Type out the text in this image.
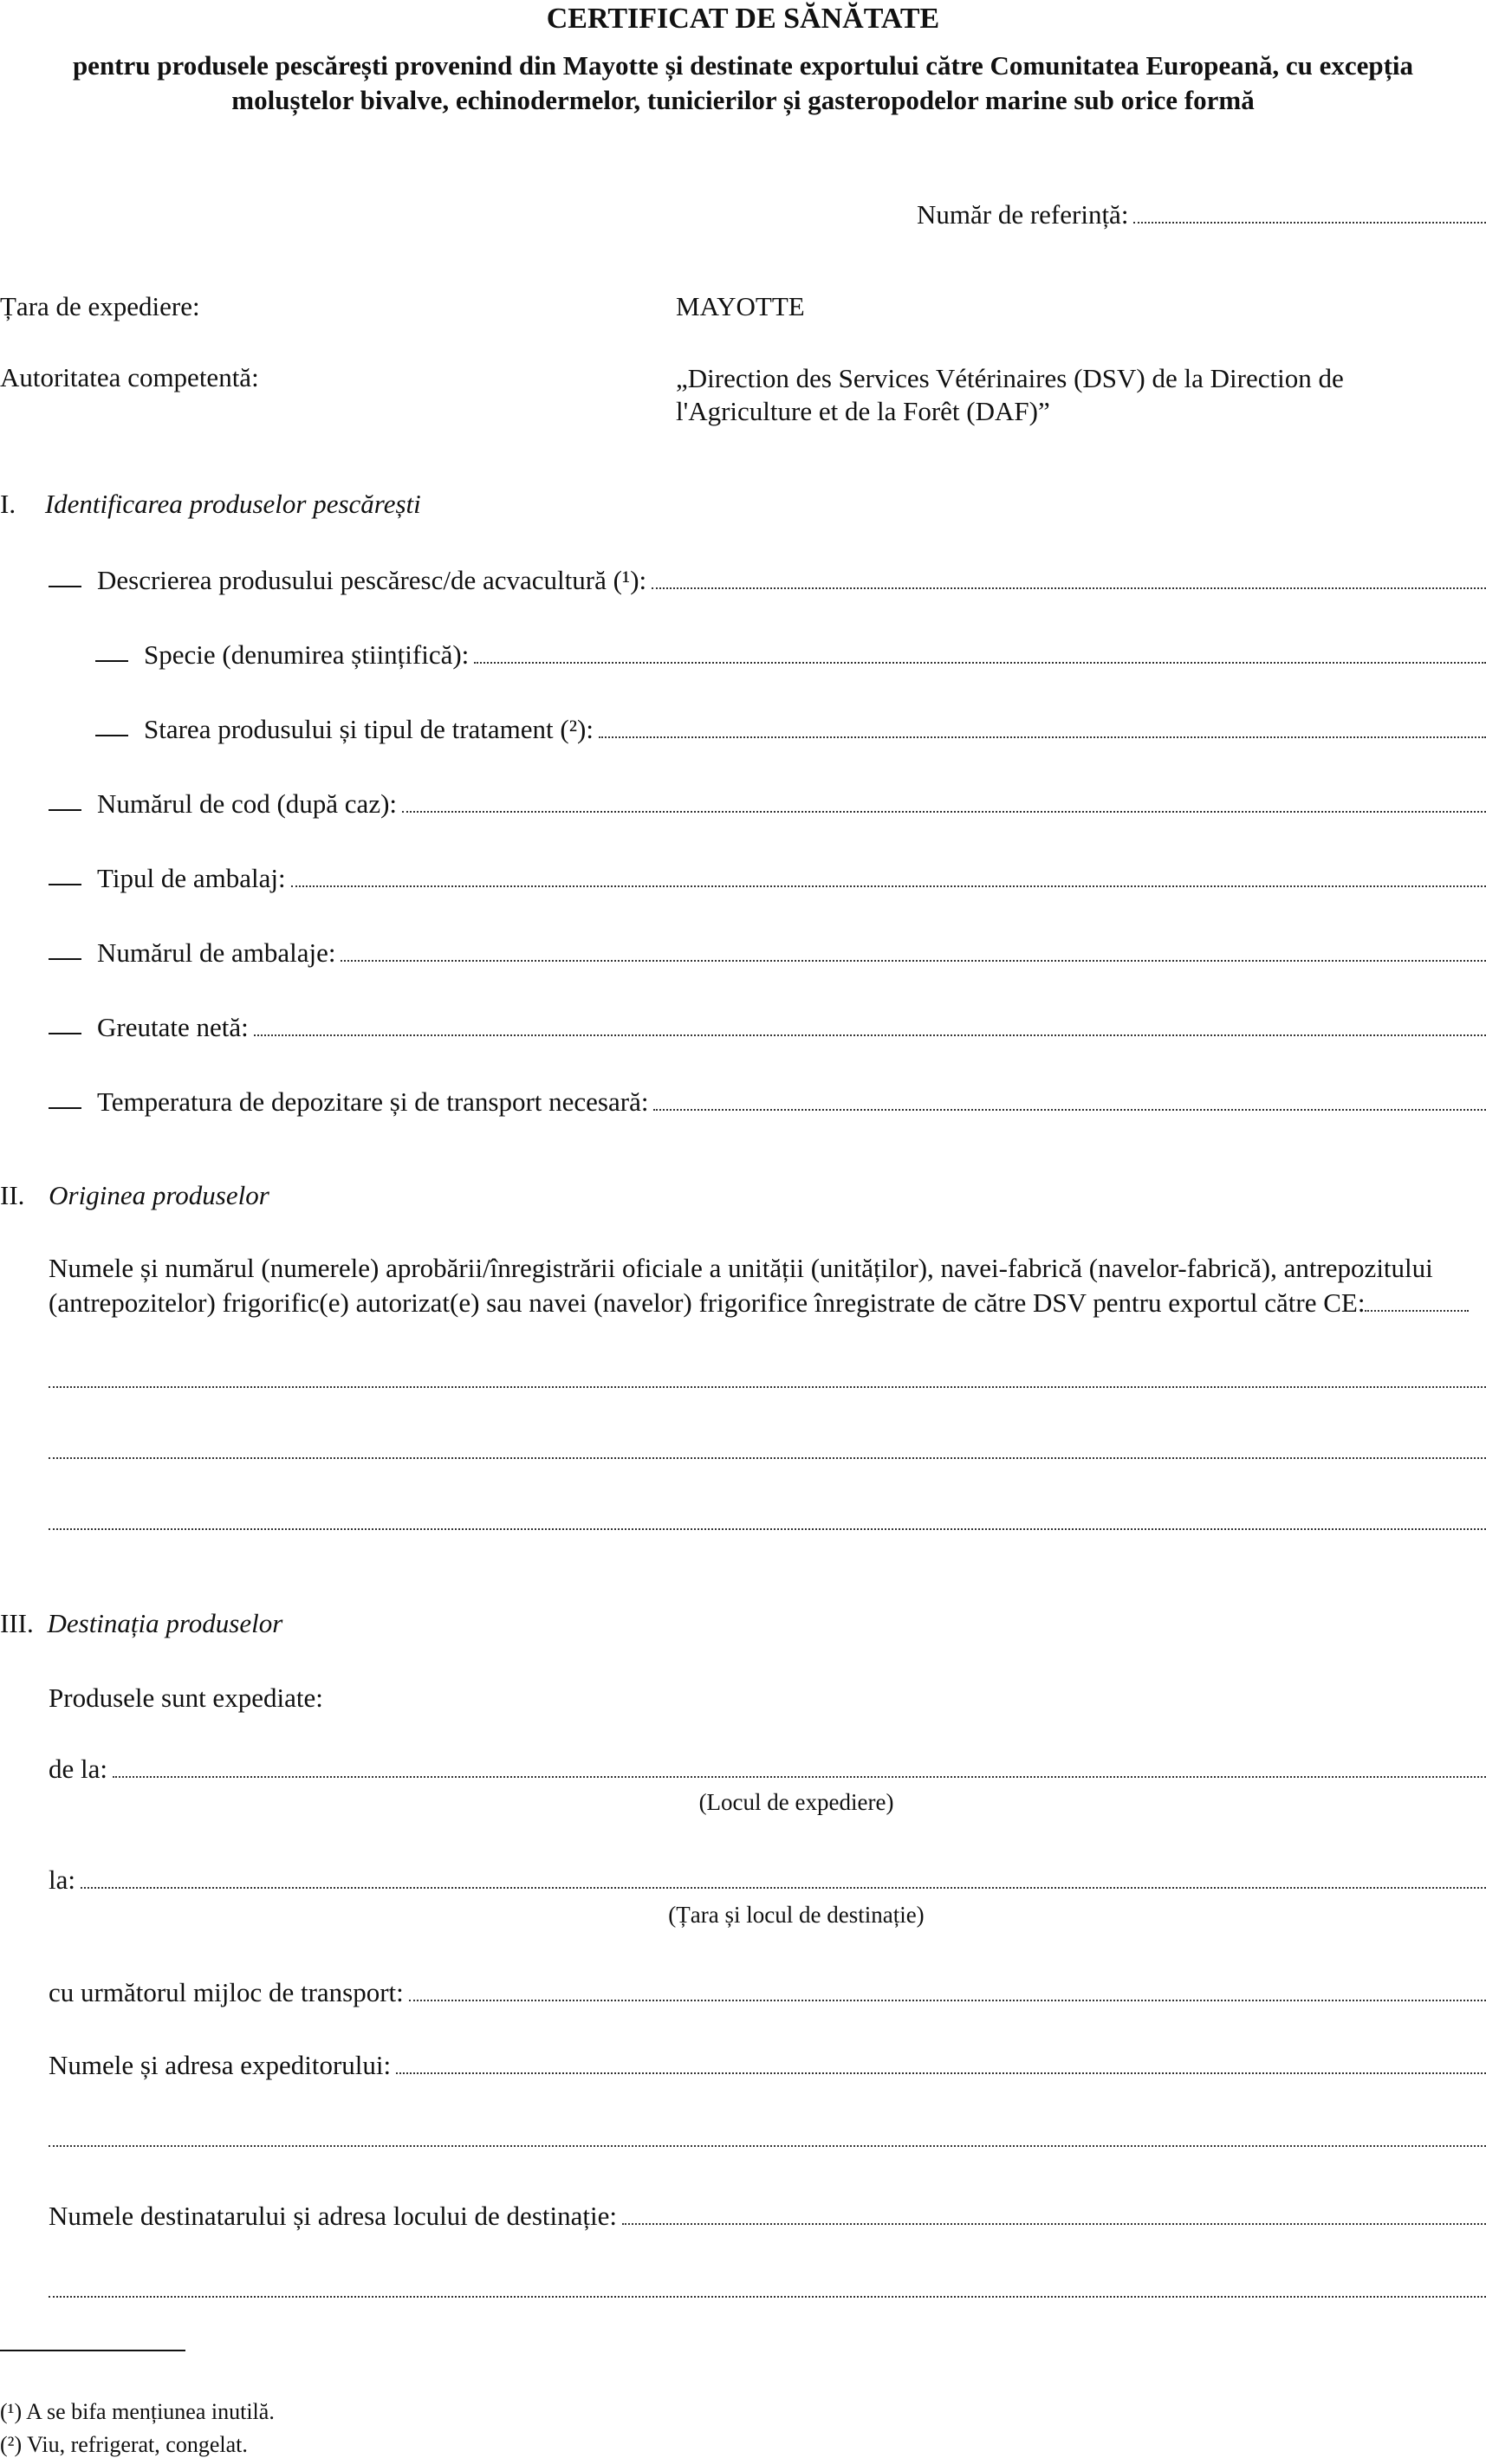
CERTIFICAT DE SĂNĂTATE
pentru produsele pescărești provenind din Mayotte și destinate exportului către Comunitatea Europeană, cu excepția moluștelor bivalve, echinodermelor, tunicierilor și gasteropodelor marine sub orice formă
Număr de referință:
Țara de expediere:	MAYOTTE
Autoritatea competentă:	„Direction des Services Vétérinaires (DSV) de la Direction de l'Agriculture et de la Forêt (DAF)”
I. Identificarea produselor pescărești
Descrierea produsului pescăresc/de acvacultură (¹):
Specie (denumirea științifică):
Starea produsului și tipul de tratament (²):
Numărul de cod (după caz):
Tipul de ambalaj:
Numărul de ambalaje:
Greutate netă:
Temperatura de depozitare și de transport necesară:
II. Originea produselor
Numele și numărul (numerele) aprobării/înregistrării oficiale a unității (unităților), navei-fabrică (navelor-fabrică), antrepozitului (antrepozitelor) frigorific(e) autorizat(e) sau navei (navelor) frigorifice înregistrate de către DSV pentru exportul către CE:
III. Destinația produselor
Produsele sunt expediate:
de la:
(Locul de expediere)
la:
(Țara și locul de destinație)
cu următorul mijloc de transport:
Numele și adresa expeditorului:
Numele destinatarului și adresa locului de destinație:
(¹) A se bifa mențiunea inutilă.
(²) Viu, refrigerat, congelat.
